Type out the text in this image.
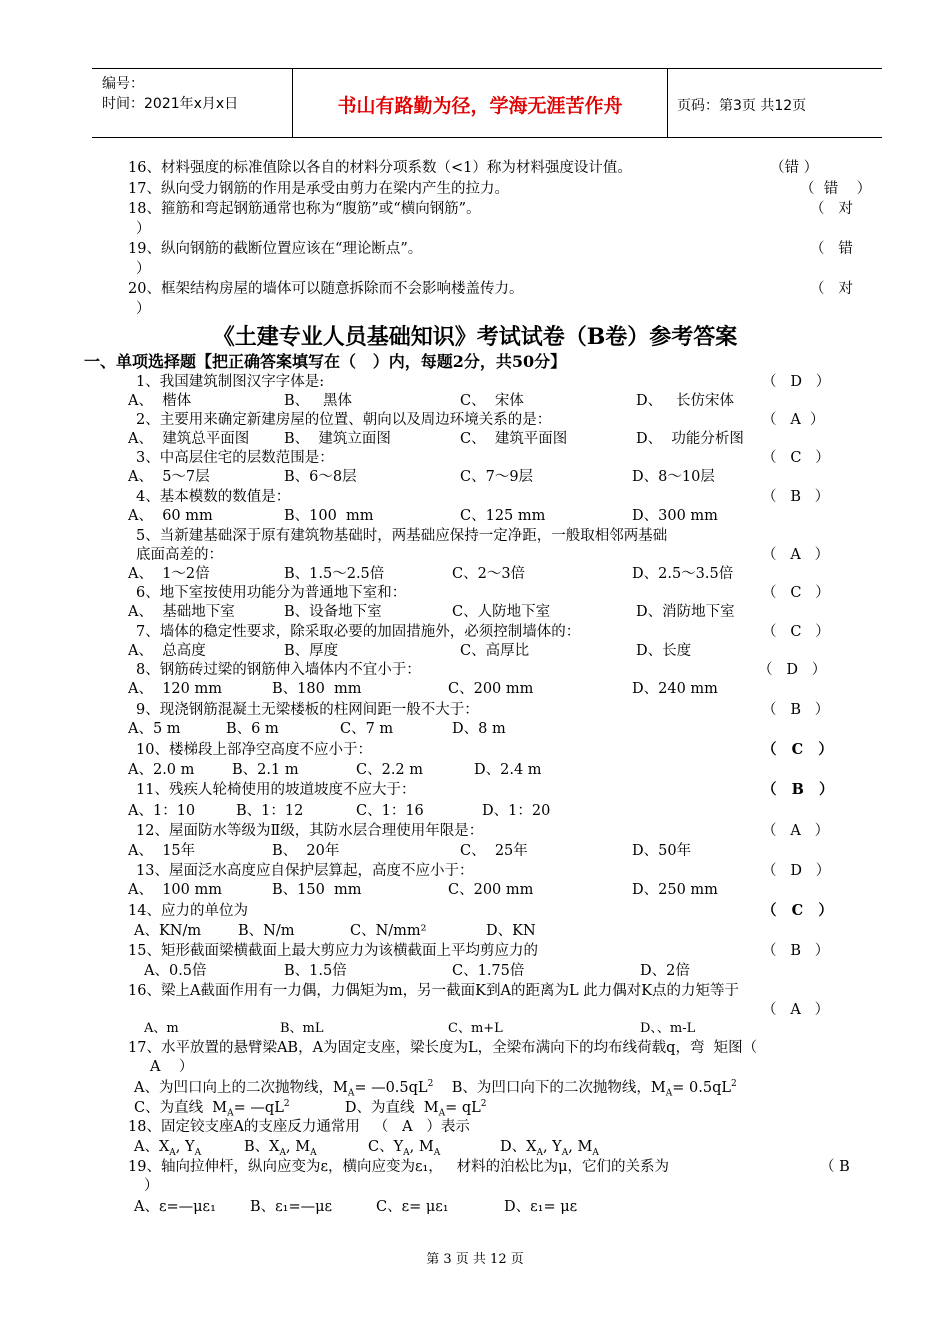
编号：
时间：2021年x月x日	书山有路勤为径，学海无涯苦作舟	页码：第3页 共12页
16、材料强度的标准值除以各自的材料分项系数（<1）称为材料强度设计值。	（错 ）
17、纵向受力钢筋的作用是承受由剪力在梁内产生的拉力。	（  错    ）
18、箍筋和弯起钢筋通常也称为“腹筋”或“横向钢筋”。	（   对
）
19、纵向钢筋的截断位置应该在“理论断点”。	（   错
）
20、框架结构房屋的墙体可以随意拆除而不会影响楼盖传力。	（   对
）
《土建专业人员基础知识》考试试卷（B卷）参考答案
一、单项选择题【把正确答案填写在（   ）内，每题2分，共50分】
1、我国建筑制图汉字字体是:	（   D   ）
A、  楷体	B、   黑体	C、  宋体	D、   长仿宋体
2、主要用来确定新建房屋的位置、朝向以及周边环境关系的是：	（   A  ）
A、  建筑总平面图 B、  建筑立面图	C、  建筑平面图	D、  功能分析图
3、中高层住宅的层数范围是：	（   C   ）
A、  5～7层	B、6～8层	C、7～9层	D、8～10层
4、基本模数的数值是：	（   B   ）
A、  60 mm	B、100  mm	C、125 mm	D、300 mm
5、当新建基础深于原有建筑物基础时，两基础应保持一定净距，一般取相邻两基础
底面高差的：	（   A   ）
A、  1～2倍	B、1.5～2.5倍	C、2～3倍	D、2.5～3.5倍
6、地下室按使用功能分为普通地下室和：	（   C   ）
A、  基础地下室	B、设备地下室	C、人防地下室	D、消防地下室
7、墙体的稳定性要求，除采取必要的加固措施外，必须控制墙体的：	（   C   ）
A、  总高度	B、厚度	C、高厚比	D、长度
8、钢筋砖过梁的钢筋伸入墙体内不宜小于：	（   D   ）
A、  120 mm	B、180  mm	C、200 mm	D、240 mm
9、现浇钢筋混凝土无梁楼板的柱网间距一般不大于：	（   B   ）
A、5 m	B、6 m	C、7 m	D、8 m
10、楼梯段上部净空高度不应小于：	（   C   ）
A、2.0 m	B、2.1 m	C、2.2 m	D、2.4 m
11、残疾人轮椅使用的坡道坡度不应大于：	（   B   ）
A、1：10	B、1：12	C、1：16	D、1：20
12、屋面防水等级为Ⅱ级，其防水层合理使用年限是：	（   A   ）
A、  15年	B、  20年	C、  25年	D、50年
13、屋面泛水高度应自保护层算起，高度不应小于：	（   D   ）
A、  100 mm	B、150  mm	C、200 mm	D、250 mm
14、应力的单位为	（   C   ）
A、KN/m	B、N/m	C、N/mm²	D、KN
15、矩形截面梁横截面上最大剪应力为该横截面上平均剪应力的	（   B   ）
A、0.5倍	B、1.5倍	C、1.75倍	D、2倍
16、梁上A截面作用有一力偶，力偶矩为m，另一截面K到A的距离为L 此力偶对K点的力矩等于
（   A   ）
A、m	B、mL	C、m+L	D、、m-L
17、水平放置的悬臂梁AB，A为固定支座，梁长度为L，全梁布满向下的均布线荷载q，弯  矩图（
A    ）
A、为凹口向上的二次抛物线，$M_A=$ $—0.5qL^2$    B、为凹口向下的二次抛物线，$M_A= 0.5qL^2$
C、为直线  $M_A=$ $—qL^2$            D、为直线  $M_A= qL^2$
18、固定铰支座A的支座反力通常用   （   A   ）表示
A、$X_A$, $Y_A$	B、$X_A$, $M_A$	C、$Y_A$, $M_A$	D、$X_A$, $Y_A$, $M_A$
19、轴向拉伸杆，纵向应变为ε，横向应变为ε₁，   材料的泊松比为μ，它们的关系为	（ B
）
A、ε=—με₁ B、ε₁=—με	C、ε= με₁	D、ε₁= με
第 3 页 共 12 页
